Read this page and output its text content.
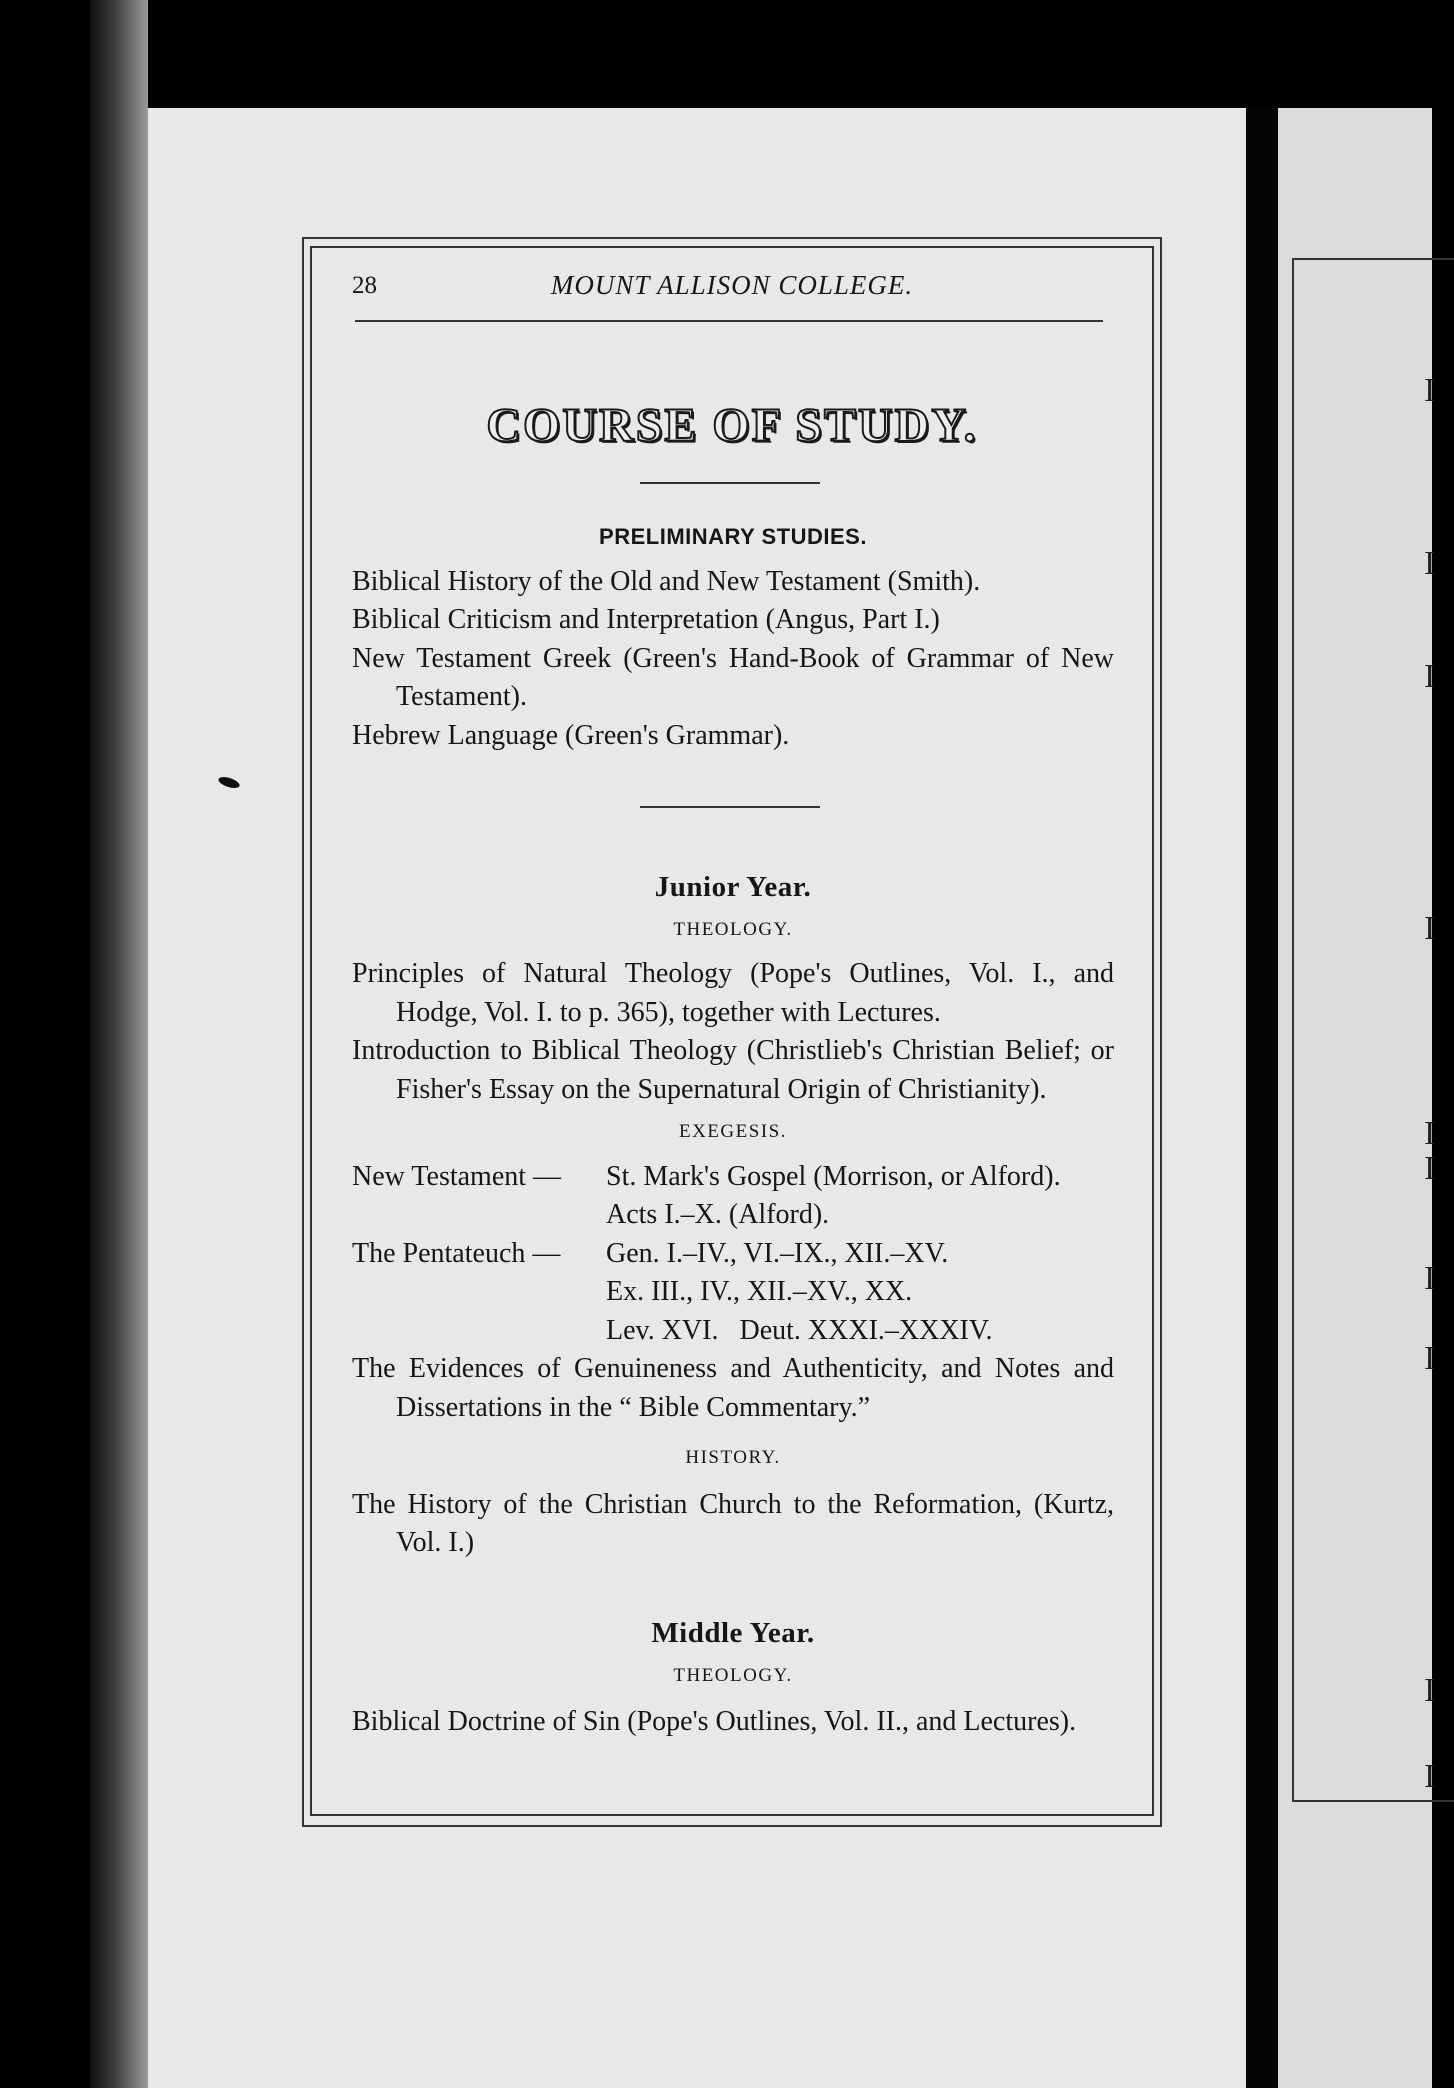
I
I
I
I
I
I
I
I
I
I
28	MOUNT ALLISON COLLEGE.
COURSE OF STUDY.
PRELIMINARY STUDIES.

Biblical History of the Old and New Testament (Smith).

Biblical Criticism and Interpretation (Angus, Part I.)

New Testament Greek (Green's Hand-Book of Grammar of New Testament).

Hebrew Language (Green's Grammar).

Junior Year.
THEOLOGY.

Principles of Natural Theology (Pope's Outlines, Vol. I., and Hodge, Vol. I. to p. 365), together with Lectures.

Introduction to Biblical Theology (Christlieb's Christian Belief; or Fisher's Essay on the Supernatural Origin of Christianity).

EXEGESIS.
New Testament —	St. Mark's Gospel (Morrison, or Alford).
Acts I.–X. (Alford).
The Pentateuch —	Gen. I.–IV., VI.–IX., XII.–XV.
Ex. III., IV., XII.–XV., XX.
Lev. XVI.   Deut. XXXI.–XXXIV.

The Evidences of Genuineness and Authenticity, and Notes and Dissertations in the “ Bible Commentary.”

HISTORY.

The History of the Christian Church to the Reformation, (Kurtz, Vol. I.)

Middle Year.
THEOLOGY.

Biblical Doctrine of Sin (Pope's Outlines, Vol. II., and Lectures).
